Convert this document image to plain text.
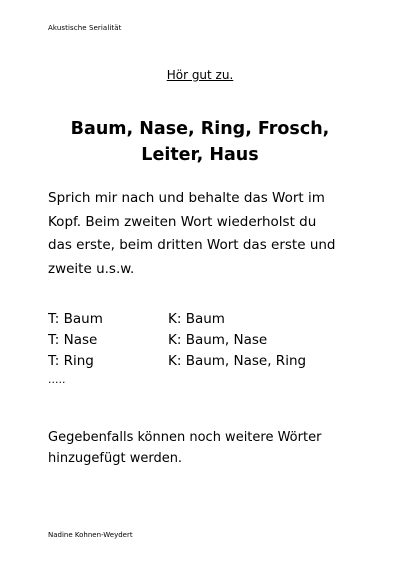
Akustische Serialität
Hör gut zu.
Baum, Nase, Ring, Frosch,
Leiter, Haus
Sprich mir nach und behalte das Wort im
Kopf. Beim zweiten Wort wiederholst du
das erste, beim dritten Wort das erste und
zweite u.s.w.
T: Baum	K: Baum
T: Nase	K: Baum, Nase
T: Ring	K: Baum, Nase, Ring
.....
Gegebenfalls können noch weitere Wörter
hinzugefügt werden.
Nadine Kohnen-Weydert
